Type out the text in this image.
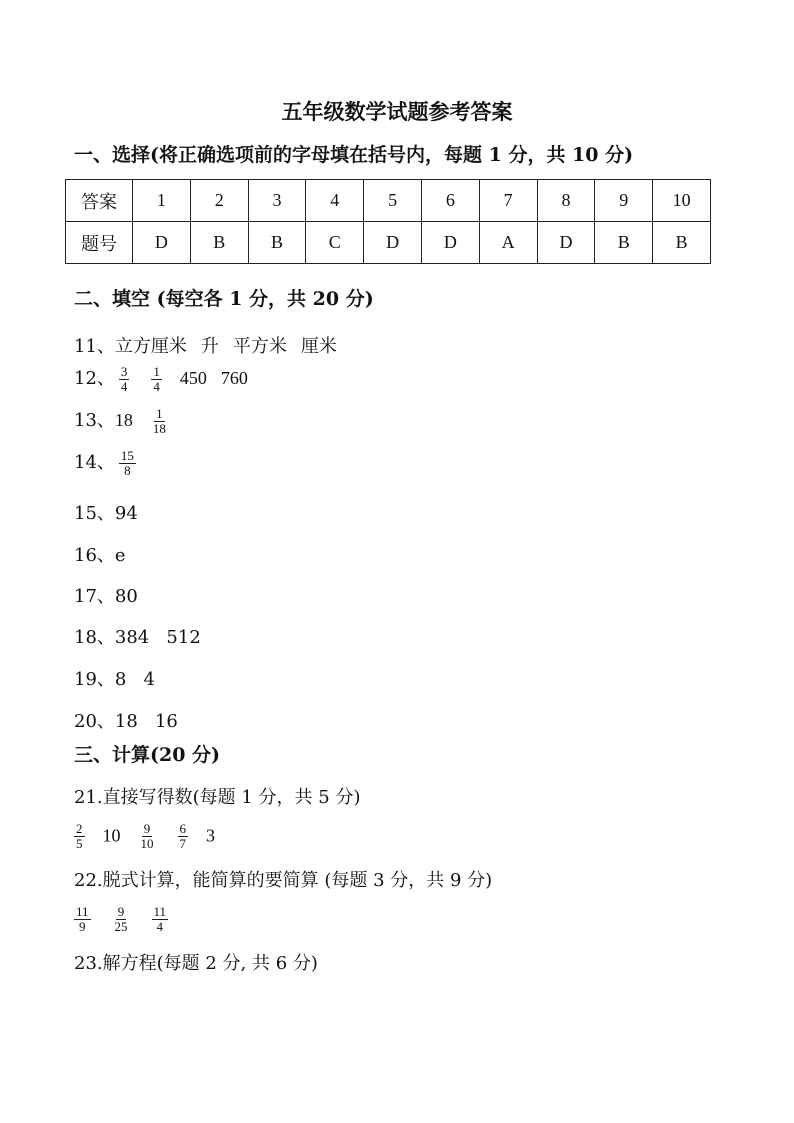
五年级数学试题参考答案
一、选择(将正确选项前的字母填在括号内，每题 1 分，共 10 分)
答案	1	2	3	4	5	6	7	8	9	10
题号	D	B	B	C	D	D	A	D	B	B
二、填空 (每空各 1 分，共 20 分)
11、立方厘米 升 平方米 厘米
12、 $\frac{3}{4} \frac{1}{4} 450$ 760
13、$18 \frac{1}{18}$
14、 $\frac{15}{8}$
15、94
16、e
17、80
18、384   512
19、8   4
20、18   16
三、计算(20 分)
21.直接写得数(每题 1 分，共 5 分)
$\frac{2}{5} 10 \frac{9}{10} \frac{6}{7} 3$
22.脱式计算，能简算的要简算 (每题 3 分，共 9 分)
$\frac{11}{9} \frac{9}{25} \frac{11}{4}$
23.解方程(每题 2 分, 共 6 分)
